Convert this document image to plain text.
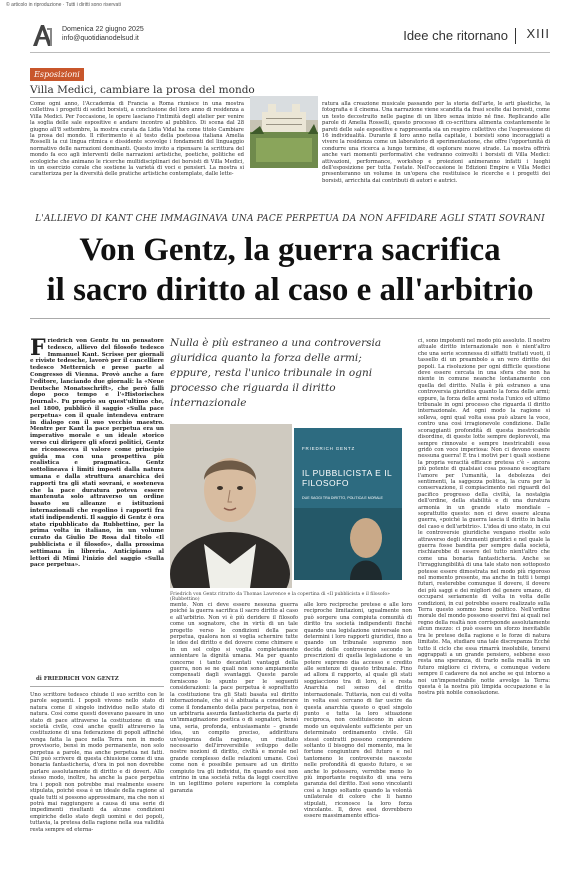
© articolo in riproduzione · Tutti i diritti sono riservati
Domenica 22 giugno 2025
info@quotidianodelsud.it	Idee che ritornano XIII
Esposizioni
Villa Medici, cambiare la prosa del mondo
Come ogni anno, l'Accademia di Francia a Roma riunisce in una mostra collettiva i progetti di sedici borsisti, a conclusione del loro anno di residenza a Villa Medici. Per l'occasione, le opere lasciano l'intimità degli atelier per venire la soglia delle sale espositive e andare incontro al pubblico. Di scena dal 28 giugno all'8 settembre, la mostra curata da Lidia Vidal ha come titolo Cambiare la prosa del mondo. Il riferimento è al testo della poetessa italiana Amelia Rosselli la cui lingua ritmica e dissidente scovolge i fondamenti del linguaggio normativo delle narrazioni dominanti. Questo invito a ripensare la scrittura del mondo fa eco agli interventi delle narrazioni artistiche, poetiche, politiche ed ecologiche che animano le ricerche multidisciplinari dei borsisti di Villa Medici, in un esercizio corale che sostiene la varietà di voci e pensieri. La mostra si caratterizza per la diversità delle pratiche artistiche contemplate, dalle lette-
ratura alla creazione musicale passando per la storia dell'arte, le arti plastiche, la fotografia e il cinema. Una narrazione viene scandita da frasi scelte dai borsisti, come un testo decostruito nelle pagine di un libro senza inizio né fine. Replicando alle parole di Amelia Rosselli, questo processo di co-scrittura alimenta costantemente le pareti delle sale espositive e rappresenta sia un respiro collettivo che l'espressione di 16 individualità. Durante il loro anno nella capitale, i borsisti sono incoraggiati a vivere la residenza come un laboratorio di sperimentazione, che offre l'opportunità di condurre una ricerca a lungo termine, di esplorare nuove strade. La mostra offrirà anche vari momenti performativi che vedranno coinvolti i borsisti di Villa Medici: attivazioni, performance, workshop e proiezioni animeranno infatti i luoghi dell'esposizione per tutta l'estate. Nell'occasione le Edizioni Empire e Villa Medici presenteranno un volume in un'opera che restituisce le ricerche e i progetti dei borsisti, arricchita dai contributi di autori e autrici.
L'ALLIEVO DI KANT CHE IMMAGINAVA UNA PACE PERPETUA DA NON AFFIDARE AGLI STATI SOVRANI
Von Gentz, la guerra sacrifica
il sacro diritto al caso e all'arbitrio
Friedrich von Gentz fu un pensatore tedesco, allievo del filosofo tedesco Immanuel Kant. Scrisse per giornali e riviste tedesche, lavorò per il cancelliere tedesco Metternich e prese parte al Congresso di Vienna. Provò anche a fare l'editore, lanciando due giornali: la «Neue Deutsche Monatsschrift», che però fallì dopo poco tempo e l'«Historisches Journal». Fu proprio su quest'ultimo che, nel 1800, pubblicò il saggio «Sulla pace perpetua» con il quale intendeva entrare in dialogo con il suo vecchio maestro. Mentre per Kant la pace perpetua era un imperativo morale e un ideale storico verso cui dirigere gli sforzi politici, Gentz ne riconosceva il valore come principio guida ma con una prospettiva più realistica e pragmatica. Gentz sottolineava i limiti imposti dalla natura umana e dalla struttura anarchica dei rapporti tra gli stati sovrani, e sosteneva che la pace duratura poteva essere mantenuta solo attraverso un ordine basato su alleanze e istituzioni internazionali che regolino i rapporti fra stati indipendenti. Il saggio di Gentz è ora stato ripubblicato da Rubbettino, per la prima volta in italiano, in un volume curato da Giulio De Rosa dal titolo «Il pubblicista e il filosofo», dalla prossima settimana in libreria. Anticipiamo al lettori di Mimi l'inizio del saggio «Sulla pace perpetua».
di FRIEDRICH VON GENTZ
Nulla è più estraneo a una controversia giuridica quanto la forza delle armi; eppure, resta l'unico tribunale in ogni processo che riguarda il diritto internazionale
FRIEDRICH GENTZ
IL PUBBLICISTA E IL FILOSOFO
DUE SAGGI TRA DIRITTO, POLITICA E MORALE
Friedrich von Gentz ritratto da Thomas Lawrence e la copertina di «Il pubblicista e il filosofo» (Rubbettino)
Uno scrittore tedesco chiude il suo scritto con le parole seguenti. I popoli vivono nello stato di natura come il singolo individuo nello stato di natura. Così come questi dovevano passare in uno stato di pace attraverso la costituzione di una società civile, così anche quelli attraverso la costituzione di una federazione di popoli affinché venga fatta la pace nella Terra non in modo provvisorio, bensì in modo permanente, non solo perpetua a parole, ma anche perpetua nei fatti. Chi può scrivere di questa chiusione come di una bonaria fantasticheria, d'ora in poi non dovrebbe parlare assolutamente di diritto e di doveri. Allo stesso modo, inoltre, ha anche la pace perpetua tra i popoli non potrebbe mai realmente essere stipulata, poiché essa è un ideale della ragione al quale tutti si possono approssimare, ma che non si potrà mai raggiungere a causa di una serie di impedimenti risultanti da alcune condizioni empiriche dello stato degli uomini e dei popoli, tuttavia, la pretesa della ragione nella sua validità resta sempre ed eterna-
mente. Non ci deve essere nessuna guerra poiché la guerra sacrifica il sacro diritto al caso e all'arbitrio. Non vi è più deridere il filosofo come un sognatore, che in virtù di un tale progetto verso le condizioni della pace perpetua, qualora non si voglia schernire tutte le idee del diritto e del dovere come chimere e in un sol colpo si voglia completamente annientare la dignità umana. Ma per quanto concerne i tanto decantati vantaggi della guerra, non se ne quali non sono ampiamente compensati dagli svantaggi. Queste parole forniscono lo spunto per le seguenti considerazioni: la pace perpetua è soprattutto la costituzione tra gli Stati basata sul diritto internazionale, che si è abituata a considerare come il fondamento della pace perpetua, non è un arbitraria assurda fantasticheria da parte di un'immaginazione poetica o di sognatori, bensì una, seria, profonda, entusiasmante – grande idea, un compito preciso, addirittura un'esigenza della ragione, un risultato necessario dell'irreversibile sviluppo delle nostre nozioni di diritto, civiltà e morale nel grande complesso delle relazioni umane. Così come non è possibile pensare ad un diritto compiuto tra gli individui, fin quando essi non entrino in una società retta da leggi coercitive in un legittimo potere superiore la completa garanzia
alle loro reciproche pretese e alle loro reciproche limitazioni, ugualmente non può sorgere una compiuta comunità di diritto tra società indipendenti finché quando una legislazione universale non determini i loro rapporti giuridici, fino a quando un tribunale supremo non decida delle controversie secondo le prescrizioni di quella legislazione e un potere supremo dia accesso e credito alle sentenze di questo tribunale. Fino ad allora il rapporto, al quale gli stati soggiacciono tra di loro, è e resta Anarchia nel senso del diritto internazionale. Tuttavia, non cui di volta in volta essi cercano di far uscire da questa anarchia questo o quel singolo punto e tutta la loro situazione reciproca, non costituiscono in alcun modo un equivalente sufficiente per un determinato ordinamento civile. Gli stessi contratti possono comprendere soltanto il bisogno del momento, ma le fortune congiunture del futuro e nel tantomeno le controversie nascoste nelle profondità di questo futuro, e se anche lo potessero, verrebbe meno lo più importante requisito di una vera garanzia del diritto. Essi sono vincolanti così a lungo soltanto quando la volontà unilaterale di coloro che li hanno stipulati, riconosce la loro forza vincolante. Il, dove essi dovrebbero essere massimamente effica-
ci, sono impotenti nel modo più assoluto. Il nostro attuale diritto internazionale non è nient'altro che una serie sconnessa di siffatti trattati vuoti, il tassello di un preambolo a un vero diritto dei popoli. La risoluzione per ogni difficile questione deve essere cercata in una sfera che non ha niente in comune neanche lontanamente con quella del diritto. Nulla è più estraneo a una controversia giuridica quanto la forza delle armi; eppure, la forza delle armi resta l'unico ed ultimo tribunale in ogni processo che riguarda il diritto internazionale. Ad ogni modo la ragione si solleva, ogni qual volta essa può alzare la voce, contro una così irragionevole condizione. Dalle scoraggianti profondità di questa inestricabile disordine, di queste lotte sempre deplorevoli, ma sempre rinnovate e sempre inestricabili essa gridò con voce imperiosa: Non ci devono essere nessuna guerra! E tra i motivi per i quali sostiene la propria veracità efficace pretesa c'è – ancora più potente di qualsiasi cosa possano escogitare l'amore per l'umanità, la debolezza dei sentimenti, la saggezza politica, la cura per la conservazione, il compiacimento nei riguardi del pacifico progresso della civiltà, la nostalgia dell'ordine, della stabilità e di una duratura armonia in un grande stato mondiale – soprattutto questo: non ci deve essere alcuna guerra, «poiché la guerra lascia il diritto in balia del caso e dell'arbitrio». L'idea di uno stato, in cui le controversie giuridiche vengano risolte solo attraverso degli strumenti giuridici e nel quale la guerra fosse bandita per sempre dalla società, rischiarebbe di essere del tutto nient'altro che come una bonaria fantasticheria. Anche se l'irraggiungibilità di una tale stato non sottoposto potesse essere dimostrata nel modo più rigoroso nel momento presente, ma anche in tutti i tempi futuri, resterebbe comunque il dovere, il dovere dei più saggi e dei migliori del genere umano, di occuparsi seriamente di volta in volta delle condizioni, in cui potrebbe essere realizzato sulla Terra questo sommo bene politico. Nell'ordine morale del mondo possono esservi fini ai quali nel regno della realtà non corrisponde assolutamente alcun mezzo: ci può essere un sforzo inevitabile tra le pretese della ragione e le forze di natura limitate. Ma, studiare una tale discrepanza Ecché tutto il ciclo che essa rimarrà insolubile, tenersi aggrappati a un grande pensiero, sebbene esso resta una speranza, di trarlo nella realtà in un futuro migliore ci rivivra, e comunque vedere sempre il cadavere da noi anche se qui intorno a noi un'impenetrabile notte avvolge la Terra: questa è la nostra più limpida occupazione e la nostra più nobile consolazione.
